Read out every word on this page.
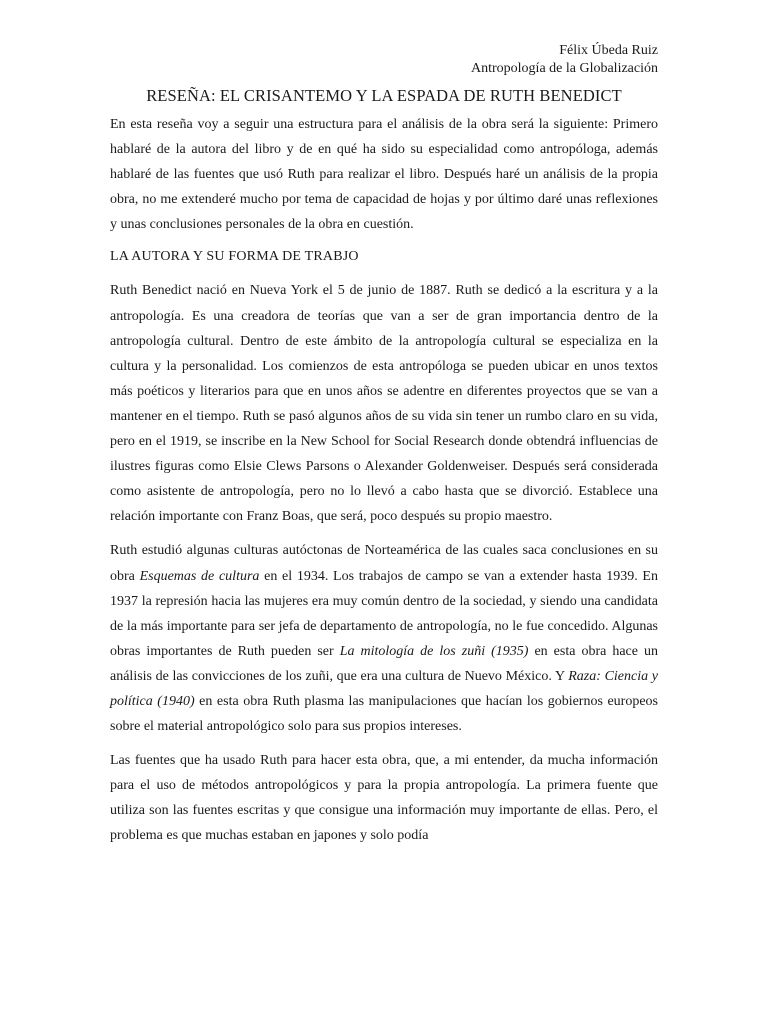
Félix Úbeda Ruiz
Antropología de la Globalización
RESEÑA: EL CRISANTEMO Y LA ESPADA DE RUTH BENEDICT

En esta reseña voy a seguir una estructura para el análisis de la obra será la siguiente: Primero hablaré de la autora del libro y de en qué ha sido su especialidad como antropóloga, además hablaré de las fuentes que usó Ruth para realizar el libro. Después haré un análisis de la propia obra, no me extenderé mucho por tema de capacidad de hojas y por último daré unas reflexiones y unas conclusiones personales de la obra en cuestión.

LA AUTORA Y SU FORMA DE TRABJO

Ruth Benedict nació en Nueva York el 5 de junio de 1887. Ruth se dedicó a la escritura y a la antropología. Es una creadora de teorías que van a ser de gran importancia dentro de la antropología cultural. Dentro de este ámbito de la antropología cultural se especializa en la cultura y la personalidad. Los comienzos de esta antropóloga se pueden ubicar en unos textos más poéticos y literarios para que en unos años se adentre en diferentes proyectos que se van a mantener en el tiempo. Ruth se pasó algunos años de su vida sin tener un rumbo claro en su vida, pero en el 1919, se inscribe en la New School for Social Research donde obtendrá influencias de ilustres figuras como Elsie Clews Parsons o Alexander Goldenweiser. Después será considerada como asistente de antropología, pero no lo llevó a cabo hasta que se divorció. Establece una relación importante con Franz Boas, que será, poco después su propio maestro.

Ruth estudió algunas culturas autóctonas de Norteamérica de las cuales saca conclusiones en su obra Esquemas de cultura en el 1934. Los trabajos de campo se van a extender hasta 1939. En 1937 la represión hacia las mujeres era muy común dentro de la sociedad, y siendo una candidata de la más importante para ser jefa de departamento de antropología, no le fue concedido. Algunas obras importantes de Ruth pueden ser La mitología de los zuñi (1935) en esta obra hace un análisis de las convicciones de los zuñi, que era una cultura de Nuevo México. Y Raza: Ciencia y política (1940) en esta obra Ruth plasma las manipulaciones que hacían los gobiernos europeos sobre el material antropológico solo para sus propios intereses.

Las fuentes que ha usado Ruth para hacer esta obra, que, a mi entender, da mucha información para el uso de métodos antropológicos y para la propia antropología. La primera fuente que utiliza son las fuentes escritas y que consigue una información muy importante de ellas. Pero, el problema es que muchas estaban en japones y solo podía
